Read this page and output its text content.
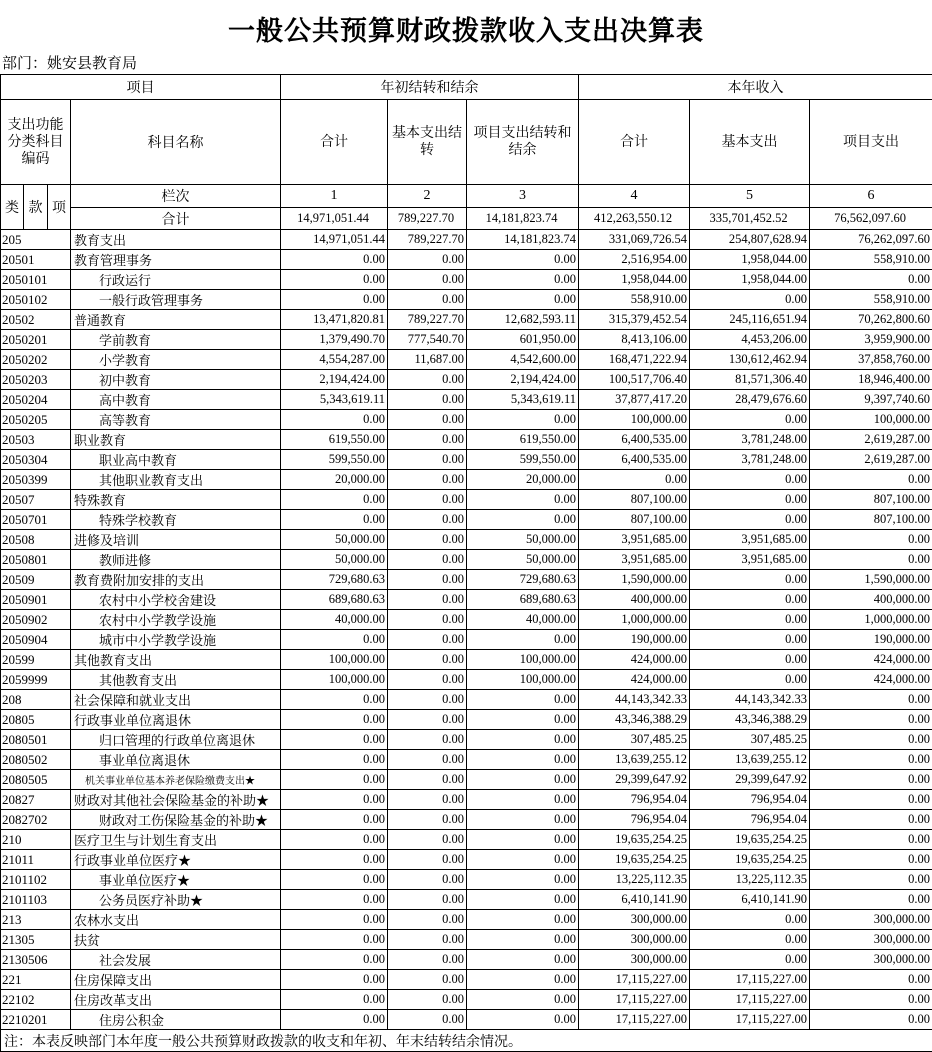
一般公共预算财政拨款收入支出决算表
部门：姚安县教育局
项目				年初结转和结余			本年收入		
支出功能分类科目编码			科目名称	合计	基本支出结转	项目支出结转和结余	合计	基本支出	项目支出
类	款	项	栏次	1	2	3	4	5	6
			合计	14,971,051.44	789,227.70	14,181,823.74	412,263,550.12	335,701,452.52	76,562,097.60
205			教育支出	14,971,051.44	789,227.70	14,181,823.74	331,069,726.54	254,807,628.94	76,262,097.60
20501			教育管理事务	0.00	0.00	0.00	2,516,954.00	1,958,044.00	558,910.00
2050101			行政运行	0.00	0.00	0.00	1,958,044.00	1,958,044.00	0.00
2050102			一般行政管理事务	0.00	0.00	0.00	558,910.00	0.00	558,910.00
20502			普通教育	13,471,820.81	789,227.70	12,682,593.11	315,379,452.54	245,116,651.94	70,262,800.60
2050201			学前教育	1,379,490.70	777,540.70	601,950.00	8,413,106.00	4,453,206.00	3,959,900.00
2050202			小学教育	4,554,287.00	11,687.00	4,542,600.00	168,471,222.94	130,612,462.94	37,858,760.00
2050203			初中教育	2,194,424.00	0.00	2,194,424.00	100,517,706.40	81,571,306.40	18,946,400.00
2050204			高中教育	5,343,619.11	0.00	5,343,619.11	37,877,417.20	28,479,676.60	9,397,740.60
2050205			高等教育	0.00	0.00	0.00	100,000.00	0.00	100,000.00
20503			职业教育	619,550.00	0.00	619,550.00	6,400,535.00	3,781,248.00	2,619,287.00
2050304			职业高中教育	599,550.00	0.00	599,550.00	6,400,535.00	3,781,248.00	2,619,287.00
2050399			其他职业教育支出	20,000.00	0.00	20,000.00	0.00	0.00	0.00
20507			特殊教育	0.00	0.00	0.00	807,100.00	0.00	807,100.00
2050701			特殊学校教育	0.00	0.00	0.00	807,100.00	0.00	807,100.00
20508			进修及培训	50,000.00	0.00	50,000.00	3,951,685.00	3,951,685.00	0.00
2050801			教师进修	50,000.00	0.00	50,000.00	3,951,685.00	3,951,685.00	0.00
20509			教育费附加安排的支出	729,680.63	0.00	729,680.63	1,590,000.00	0.00	1,590,000.00
2050901			农村中小学校舍建设	689,680.63	0.00	689,680.63	400,000.00	0.00	400,000.00
2050902			农村中小学教学设施	40,000.00	0.00	40,000.00	1,000,000.00	0.00	1,000,000.00
2050904			城市中小学教学设施	0.00	0.00	0.00	190,000.00	0.00	190,000.00
20599			其他教育支出	100,000.00	0.00	100,000.00	424,000.00	0.00	424,000.00
2059999			其他教育支出	100,000.00	0.00	100,000.00	424,000.00	0.00	424,000.00
208			社会保障和就业支出	0.00	0.00	0.00	44,143,342.33	44,143,342.33	0.00
20805			行政事业单位离退休	0.00	0.00	0.00	43,346,388.29	43,346,388.29	0.00
2080501			归口管理的行政单位离退休	0.00	0.00	0.00	307,485.25	307,485.25	0.00
2080502			事业单位离退休	0.00	0.00	0.00	13,639,255.12	13,639,255.12	0.00
2080505			机关事业单位基本养老保险缴费支出★	0.00	0.00	0.00	29,399,647.92	29,399,647.92	0.00
20827			财政对其他社会保险基金的补助★	0.00	0.00	0.00	796,954.04	796,954.04	0.00
2082702			财政对工伤保险基金的补助★	0.00	0.00	0.00	796,954.04	796,954.04	0.00
210			医疗卫生与计划生育支出	0.00	0.00	0.00	19,635,254.25	19,635,254.25	0.00
21011			行政事业单位医疗★	0.00	0.00	0.00	19,635,254.25	19,635,254.25	0.00
2101102			事业单位医疗★	0.00	0.00	0.00	13,225,112.35	13,225,112.35	0.00
2101103			公务员医疗补助★	0.00	0.00	0.00	6,410,141.90	6,410,141.90	0.00
213			农林水支出	0.00	0.00	0.00	300,000.00	0.00	300,000.00
21305			扶贫	0.00	0.00	0.00	300,000.00	0.00	300,000.00
2130506			社会发展	0.00	0.00	0.00	300,000.00	0.00	300,000.00
221			住房保障支出	0.00	0.00	0.00	17,115,227.00	17,115,227.00	0.00
22102			住房改革支出	0.00	0.00	0.00	17,115,227.00	17,115,227.00	0.00
2210201			住房公积金	0.00	0.00	0.00	17,115,227.00	17,115,227.00	0.00
注：本表反映部门本年度一般公共预算财政拨款的收支和年初、年末结转结余情况。									
